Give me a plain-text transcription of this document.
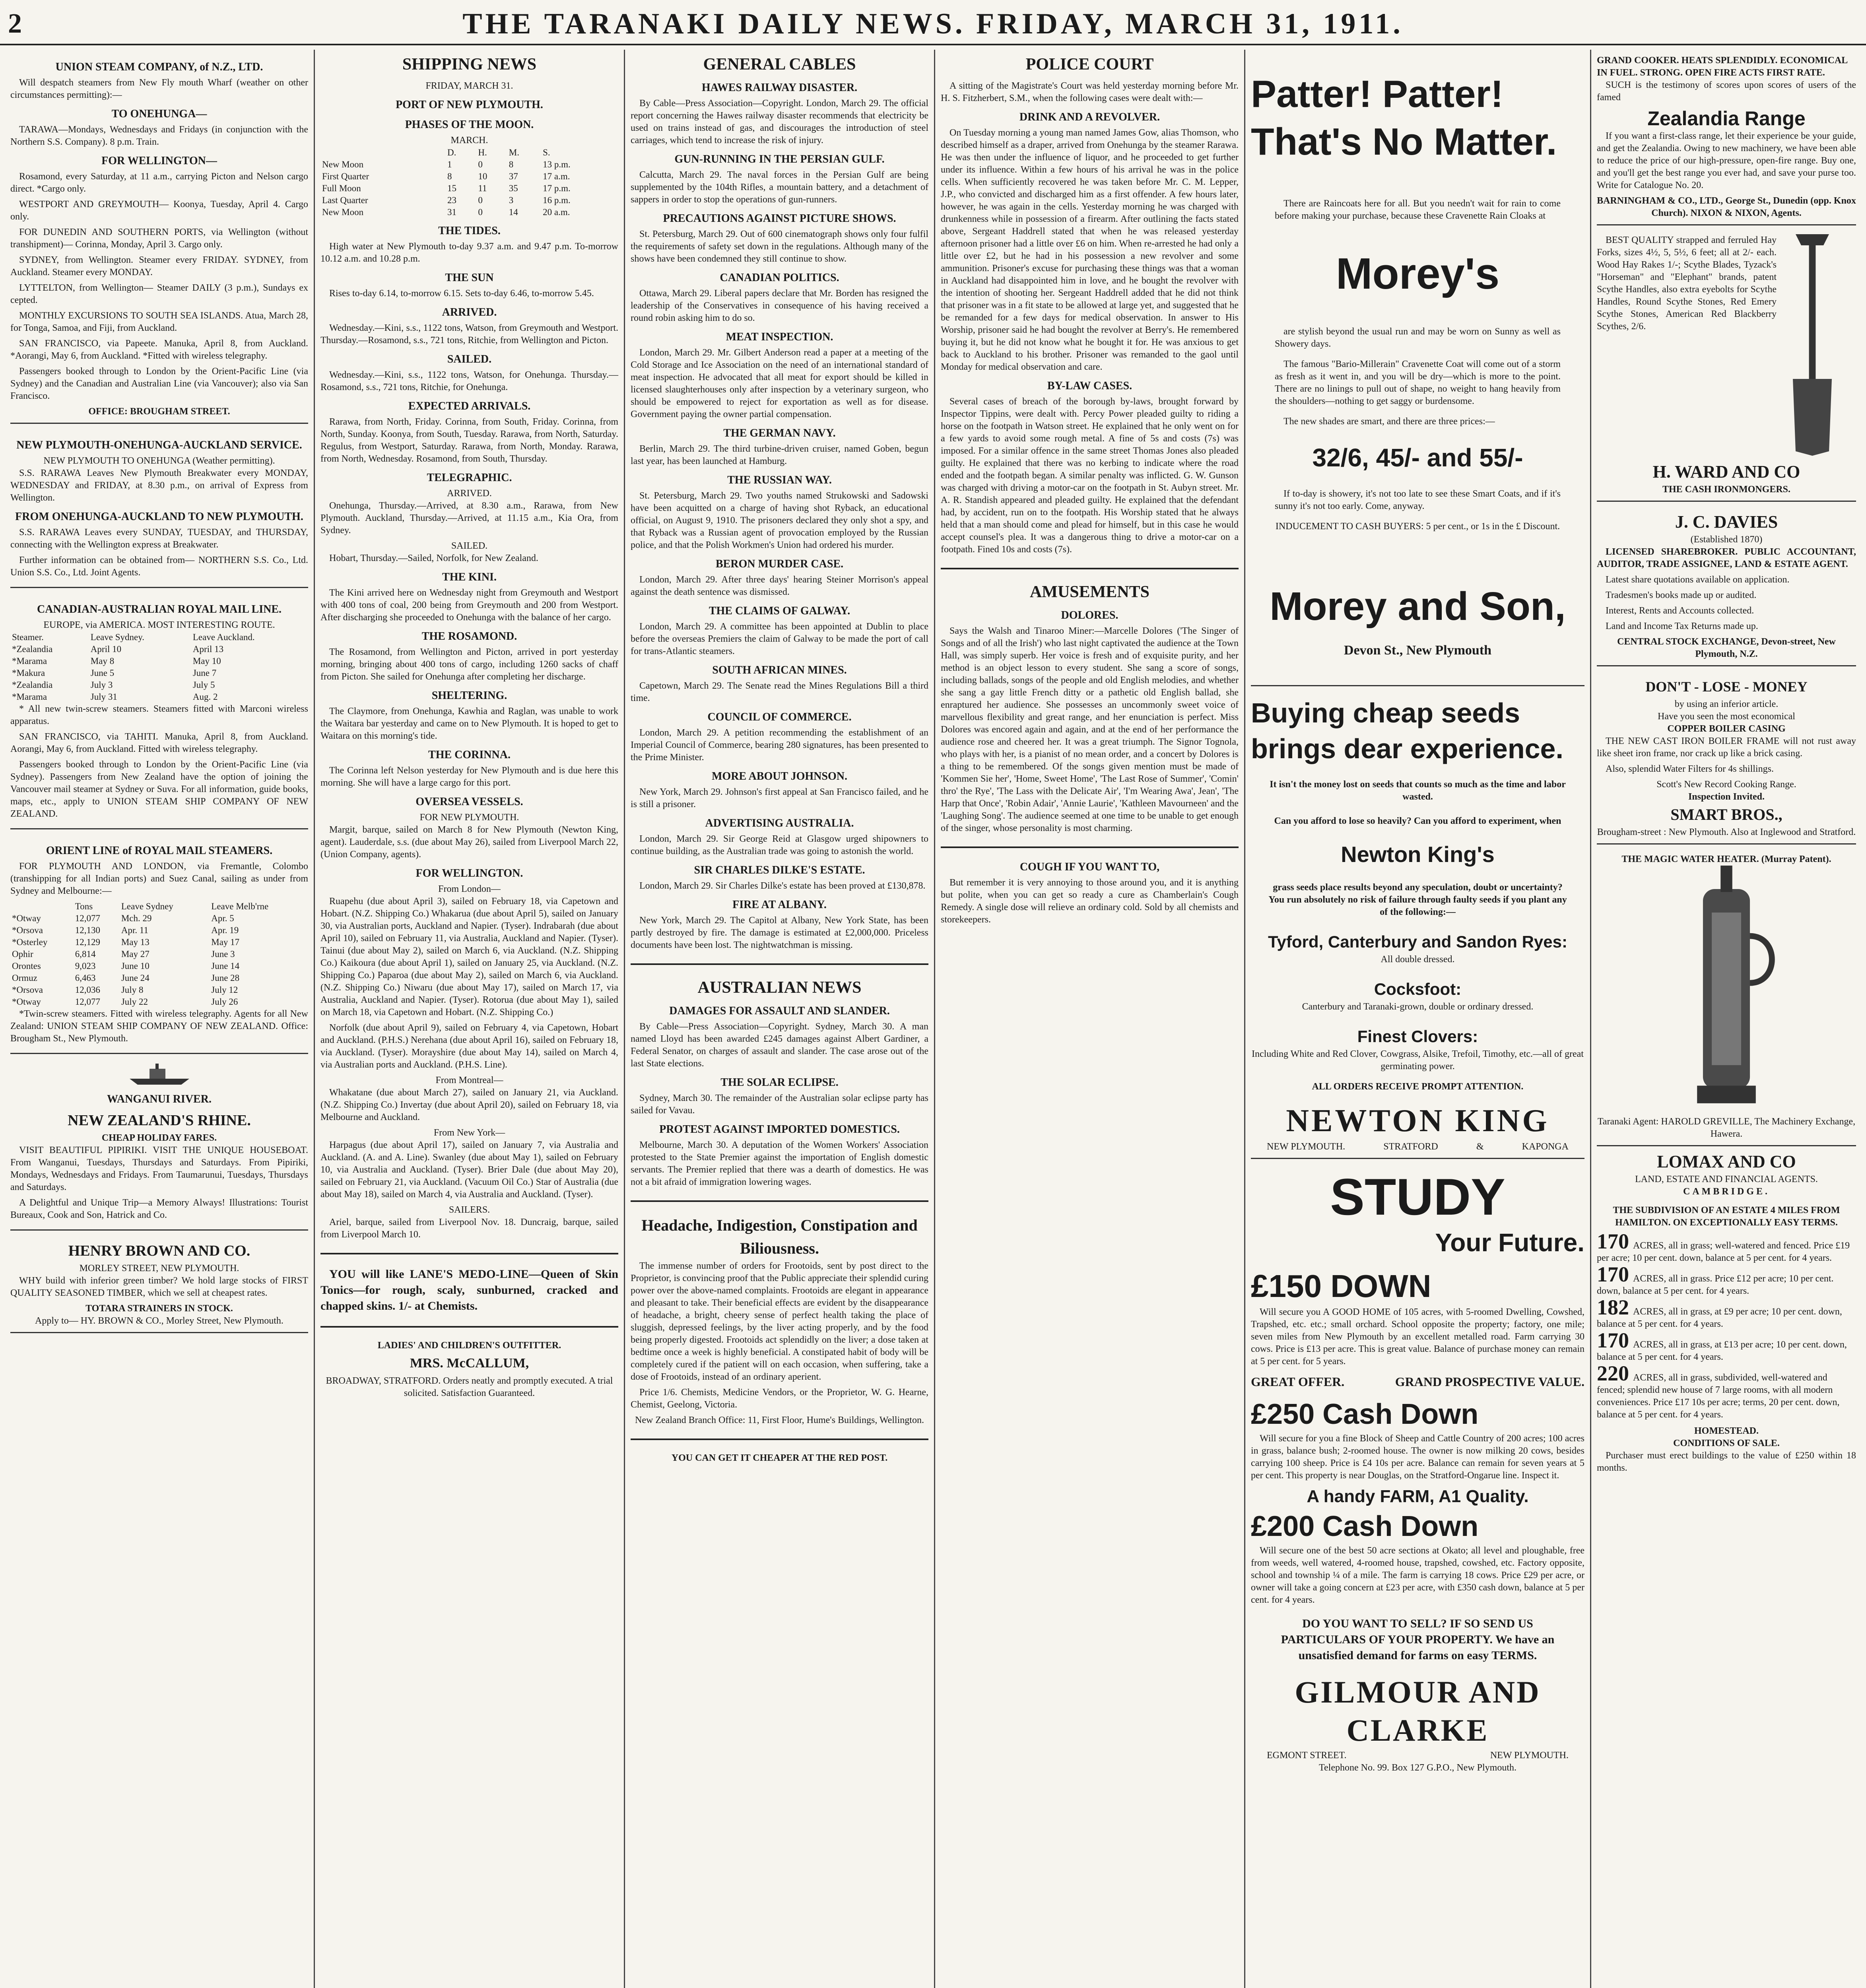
2	THE TARANAKI DAILY NEWS. FRIDAY, MARCH 31, 1911.
UNION STEAM COMPANY, of N.Z., LTD.
Will despatch steamers from New Fly mouth Wharf (weather on other circumstances permitting):—
TO ONEHUNGA—
TARAWA—Mondays, Wednesdays and Fridays (in conjunction with the Northern S.S. Company). 8 p.m. Train.
FOR WELLINGTON—
Rosamond, every Saturday, at 11 a.m., carrying Picton and Nelson cargo direct. *Cargo only.
WESTPORT AND GREYMOUTH— Koonya, Tuesday, April 4. Cargo only.
FOR DUNEDIN AND SOUTHERN PORTS, via Wellington (without transhipment)— Corinna, Monday, April 3. Cargo only.
SYDNEY, from Wellington. Steamer every FRIDAY. SYDNEY, from Auckland. Steamer every MONDAY.
LYTTELTON, from Wellington— Steamer DAILY (3 p.m.), Sundays ex cepted.
MONTHLY EXCURSIONS TO SOUTH SEA ISLANDS. Atua, March 28, for Tonga, Samoa, and Fiji, from Auckland.
SAN FRANCISCO, via Papeete. Manuka, April 8, from Auckland. *Aorangi, May 6, from Auckland. *Fitted with wireless telegraphy.
Passengers booked through to London by the Orient-Pacific Line (via Sydney) and the Canadian and Australian Line (via Vancouver); also via San Francisco.
OFFICE: BROUGHAM STREET.
NEW PLYMOUTH-ONEHUNGA-AUCKLAND SERVICE.
NEW PLYMOUTH TO ONEHUNGA (Weather permitting).
S.S. RARAWA Leaves New Plymouth Breakwater every MONDAY, WEDNESDAY and FRIDAY, at 8.30 p.m., on arrival of Express from Wellington.
FROM ONEHUNGA-AUCKLAND TO NEW PLYMOUTH.
S.S. RARAWA Leaves every SUNDAY, TUESDAY, and THURSDAY, connecting with the Wellington express at Breakwater.
Further information can be obtained from— NORTHERN S.S. Co., Ltd. Union S.S. Co., Ltd. Joint Agents.
CANADIAN-AUSTRALIAN ROYAL MAIL LINE.
EUROPE, via AMERICA. MOST INTERESTING ROUTE.
Steamer.	Leave Sydney.	Leave Auckland.
*Zealandia	April 10	April 13
*Marama	May 8	May 10
*Makura	June 5	June 7
*Zealandia	July 3	July 5
*Marama	July 31	Aug. 2
* All new twin-screw steamers. Steamers fitted with Marconi wireless apparatus.
SAN FRANCISCO, via TAHITI. Manuka, April 8, from Auckland. Aorangi, May 6, from Auckland. Fitted with wireless telegraphy.
Passengers booked through to London by the Orient-Pacific Line (via Sydney). Passengers from New Zealand have the option of joining the Vancouver mail steamer at Sydney or Suva. For all information, guide books, maps, etc., apply to UNION STEAM SHIP COMPANY OF NEW ZEALAND.
ORIENT LINE of ROYAL MAIL STEAMERS.
FOR PLYMOUTH AND LONDON, via Fremantle, Colombo (transhipping for all Indian ports) and Suez Canal, sailing as under from Sydney and Melbourne:—
	Tons	Leave Sydney	Leave Melb'rne
*Otway	12,077	Mch. 29	Apr. 5
*Orsova	12,130	Apr. 11	Apr. 19
*Osterley	12,129	May 13	May 17
Ophir	6,814	May 27	June 3
Orontes	9,023	June 10	June 14
Ormuz	6,463	June 24	June 28
*Orsova	12,036	July 8	July 12
*Otway	12,077	July 22	July 26
*Twin-screw steamers. Fitted with wireless telegraphy. Agents for all New Zealand: UNION STEAM SHIP COMPANY OF NEW ZEALAND. Office: Brougham St., New Plymouth.
WANGANUI RIVER.
NEW ZEALAND'S RHINE.
CHEAP HOLIDAY FARES.
VISIT BEAUTIFUL PIPIRIKI. VISIT THE UNIQUE HOUSEBOAT. From Wanganui, Tuesdays, Thursdays and Saturdays. From Pipiriki, Mondays, Wednesdays and Fridays. From Taumarunui, Tuesdays, Thursdays and Saturdays.
A Delightful and Unique Trip—a Memory Always! Illustrations: Tourist Bureaux, Cook and Son, Hatrick and Co.
HENRY BROWN AND CO.
MORLEY STREET, NEW PLYMOUTH.
WHY build with inferior green timber? We hold large stocks of FIRST QUALITY SEASONED TIMBER, which we sell at cheapest rates.
TOTARA STRAINERS IN STOCK.
Apply to— HY. BROWN & CO., Morley Street, New Plymouth.
SHIPPING NEWS
FRIDAY, MARCH 31.
PORT OF NEW PLYMOUTH.
PHASES OF THE MOON.
MARCH.
	D.	H.	M.	S.
New Moon	1	0	8	13 p.m.
First Quarter	8	10	37	17 a.m.
Full Moon	15	11	35	17 p.m.
Last Quarter	23	0	3	16 p.m.
New Moon	31	0	14	20 a.m.
THE TIDES.
High water at New Plymouth to-day 9.37 a.m. and 9.47 p.m. To-morrow 10.12 a.m. and 10.28 p.m.
THE SUN
Rises to-day 6.14, to-morrow 6.15. Sets to-day 6.46, to-morrow 5.45.
ARRIVED.
Wednesday.—Kini, s.s., 1122 tons, Watson, from Greymouth and Westport. Thursday.—Rosamond, s.s., 721 tons, Ritchie, from Wellington and Picton.
SAILED.
Wednesday.—Kini, s.s., 1122 tons, Watson, for Onehunga. Thursday.—Rosamond, s.s., 721 tons, Ritchie, for Onehunga.
EXPECTED ARRIVALS.
Rarawa, from North, Friday. Corinna, from South, Friday. Corinna, from North, Sunday. Koonya, from South, Tuesday. Rarawa, from North, Saturday. Regulus, from Westport, Saturday. Rarawa, from North, Monday. Rarawa, from North, Wednesday. Rosamond, from South, Thursday.
TELEGRAPHIC.
ARRIVED.
Onehunga, Thursday.—Arrived, at 8.30 a.m., Rarawa, from New Plymouth. Auckland, Thursday.—Arrived, at 11.15 a.m., Kia Ora, from Sydney.
SAILED.
Hobart, Thursday.—Sailed, Norfolk, for New Zealand.
THE KINI.
The Kini arrived here on Wednesday night from Greymouth and Westport with 400 tons of coal, 200 being from Greymouth and 200 from Westport. After discharging she proceeded to Onehunga with the balance of her cargo.
THE ROSAMOND.
The Rosamond, from Wellington and Picton, arrived in port yesterday morning, bringing about 400 tons of cargo, including 1260 sacks of chaff from Picton. She sailed for Onehunga after completing her discharge.
SHELTERING.
The Claymore, from Onehunga, Kawhia and Raglan, was unable to work the Waitara bar yesterday and came on to New Plymouth. It is hoped to get to Waitara on this morning's tide.
THE CORINNA.
The Corinna left Nelson yesterday for New Plymouth and is due here this morning. She will have a large cargo for this port.
OVERSEA VESSELS.
FOR NEW PLYMOUTH.
Margit, barque, sailed on March 8 for New Plymouth (Newton King, agent). Lauderdale, s.s. (due about May 26), sailed from Liverpool March 22, (Union Company, agents).
FOR WELLINGTON.
From London—
Ruapehu (due about April 3), sailed on February 18, via Capetown and Hobart. (N.Z. Shipping Co.) Whakarua (due about April 5), sailed on January 30, via Australian ports, Auckland and Napier. (Tyser). Indrabarah (due about April 10), sailed on February 11, via Australia, Auckland and Napier. (Tyser). Tainui (due about May 2), sailed on March 6, via Auckland. (N.Z. Shipping Co.) Kaikoura (due about April 1), sailed on January 25, via Auckland. (N.Z. Shipping Co.) Paparoa (due about May 2), sailed on March 6, via Auckland. (N.Z. Shipping Co.) Niwaru (due about May 17), sailed on March 17, via Australia, Auckland and Napier. (Tyser). Rotorua (due about May 1), sailed on March 18, via Capetown and Hobart. (N.Z. Shipping Co.)
Norfolk (due about April 9), sailed on February 4, via Capetown, Hobart and Auckland. (P.H.S.) Nerehana (due about April 16), sailed on February 18, via Auckland. (Tyser). Morayshire (due about May 14), sailed on March 4, via Australian ports and Auckland. (P.H.S. Line).
From Montreal—
Whakatane (due about March 27), sailed on January 21, via Auckland. (N.Z. Shipping Co.) Invertay (due about April 20), sailed on February 18, via Melbourne and Auckland.
From New York—
Harpagus (due about April 17), sailed on January 7, via Australia and Auckland. (A. and A. Line). Swanley (due about May 1), sailed on February 10, via Australia and Auckland. (Tyser). Brier Dale (due about May 20), sailed on February 21, via Auckland. (Vacuum Oil Co.) Star of Australia (due about May 18), sailed on March 4, via Australia and Auckland. (Tyser).
SAILERS.
Ariel, barque, sailed from Liverpool Nov. 18. Duncraig, barque, sailed from Liverpool March 10.
YOU will like LANE'S MEDO-LINE—Queen of Skin Tonics—for rough, scaly, sunburned, cracked and chapped skins. 1/- at Chemists.
LADIES' AND CHILDREN'S OUTFITTER.
MRS. McCALLUM,
BROADWAY, STRATFORD. Orders neatly and promptly executed. A trial solicited. Satisfaction Guaranteed.
GENERAL CABLES
HAWES RAILWAY DISASTER.
By Cable—Press Association—Copyright. London, March 29. The official report concerning the Hawes railway disaster recommends that electricity be used on trains instead of gas, and discourages the introduction of steel carriages, which tend to increase the risk of injury.
GUN-RUNNING IN THE PERSIAN GULF.
Calcutta, March 29. The naval forces in the Persian Gulf are being supplemented by the 104th Rifles, a mountain battery, and a detachment of sappers in order to stop the operations of gun-runners.
PRECAUTIONS AGAINST PICTURE SHOWS.
St. Petersburg, March 29. Out of 600 cinematograph shows only four fulfil the requirements of safety set down in the regulations. Although many of the shows have been condemned they still continue to show.
CANADIAN POLITICS.
Ottawa, March 29. Liberal papers declare that Mr. Borden has resigned the leadership of the Conservatives in consequence of his having received a round robin asking him to do so.
MEAT INSPECTION.
London, March 29. Mr. Gilbert Anderson read a paper at a meeting of the Cold Storage and Ice Association on the need of an international standard of meat inspection. He advocated that all meat for export should be killed in licensed slaughterhouses only after inspection by a veterinary surgeon, who should be empowered to reject for exportation as well as for disease. Government paying the owner partial compensation.
THE GERMAN NAVY.
Berlin, March 29. The third turbine-driven cruiser, named Goben, begun last year, has been launched at Hamburg.
THE RUSSIAN WAY.
St. Petersburg, March 29. Two youths named Strukowski and Sadowski have been acquitted on a charge of having shot Ryback, an educational official, on August 9, 1910. The prisoners declared they only shot a spy, and that Ryback was a Russian agent of provocation employed by the Russian police, and that the Polish Workmen's Union had ordered his murder.
BERON MURDER CASE.
London, March 29. After three days' hearing Steiner Morrison's appeal against the death sentence was dismissed.
THE CLAIMS OF GALWAY.
London, March 29. A committee has been appointed at Dublin to place before the overseas Premiers the claim of Galway to be made the port of call for trans-Atlantic steamers.
SOUTH AFRICAN MINES.
Capetown, March 29. The Senate read the Mines Regulations Bill a third time.
COUNCIL OF COMMERCE.
London, March 29. A petition recommending the establishment of an Imperial Council of Commerce, bearing 280 signatures, has been presented to the Prime Minister.
MORE ABOUT JOHNSON.
New York, March 29. Johnson's first appeal at San Francisco failed, and he is still a prisoner.
ADVERTISING AUSTRALIA.
London, March 29. Sir George Reid at Glasgow urged shipowners to continue building, as the Australian trade was going to astonish the world.
SIR CHARLES DILKE'S ESTATE.
London, March 29. Sir Charles Dilke's estate has been proved at £130,878.
FIRE AT ALBANY.
New York, March 29. The Capitol at Albany, New York State, has been partly destroyed by fire. The damage is estimated at £2,000,000. Priceless documents have been lost. The nightwatchman is missing.
AUSTRALIAN NEWS
DAMAGES FOR ASSAULT AND SLANDER.
By Cable—Press Association—Copyright. Sydney, March 30. A man named Lloyd has been awarded £245 damages against Albert Gardiner, a Federal Senator, on charges of assault and slander. The case arose out of the last State elections.
THE SOLAR ECLIPSE.
Sydney, March 30. The remainder of the Australian solar eclipse party has sailed for Vavau.
PROTEST AGAINST IMPORTED DOMESTICS.
Melbourne, March 30. A deputation of the Women Workers' Association protested to the State Premier against the importation of English domestic servants. The Premier replied that there was a dearth of domestics. He was not a bit afraid of immigration lowering wages.
Headache, Indigestion, Constipation and Biliousness.
The immense number of orders for Frootoids, sent by post direct to the Proprietor, is convincing proof that the Public appreciate their splendid curing power over the above-named complaints. Frootoids are elegant in appearance and pleasant to take. Their beneficial effects are evident by the disappearance of headache, a bright, cheery sense of perfect health taking the place of sluggish, depressed feelings, by the liver acting properly, and by the food being properly digested. Frootoids act splendidly on the liver; a dose taken at bedtime once a week is highly beneficial. A constipated habit of body will be completely cured if the patient will on each occasion, when suffering, take a dose of Frootoids, instead of an ordinary aperient.
Price 1/6. Chemists, Medicine Vendors, or the Proprietor, W. G. Hearne, Chemist, Geelong, Victoria.
New Zealand Branch Office: 11, First Floor, Hume's Buildings, Wellington.
YOU CAN GET IT CHEAPER AT THE RED POST.
POLICE COURT
A sitting of the Magistrate's Court was held yesterday morning before Mr. H. S. Fitzherbert, S.M., when the following cases were dealt with:—
DRINK AND A REVOLVER.
On Tuesday morning a young man named James Gow, alias Thomson, who described himself as a draper, arrived from Onehunga by the steamer Rarawa. He was then under the influence of liquor, and he proceeded to get further under its influence. Within a few hours of his arrival he was in the police cells. When sufficiently recovered he was taken before Mr. C. M. Lepper, J.P., who convicted and discharged him as a first offender. A few hours later, however, he was again in the cells. Yesterday morning he was charged with drunkenness while in possession of a firearm. After outlining the facts stated above, Sergeant Haddrell stated that when he was released yesterday afternoon prisoner had a little over £6 on him. When re-arrested he had only a little over £2, but he had in his possession a new revolver and some ammunition. Prisoner's excuse for purchasing these things was that a woman in Auckland had disappointed him in love, and he bought the revolver with the intention of shooting her. Sergeant Haddrell added that he did not think that prisoner was in a fit state to be allowed at large yet, and suggested that he be remanded for a few days for medical observation. In answer to His Worship, prisoner said he had bought the revolver at Berry's. He remembered buying it, but he did not know what he bought it for. He was anxious to get back to Auckland to his brother. Prisoner was remanded to the gaol until Monday for medical observation and care.
BY-LAW CASES.
Several cases of breach of the borough by-laws, brought forward by Inspector Tippins, were dealt with. Percy Power pleaded guilty to riding a horse on the footpath in Watson street. He explained that he only went on for a few yards to avoid some rough metal. A fine of 5s and costs (7s) was imposed. For a similar offence in the same street Thomas Jones also pleaded guilty. He explained that there was no kerbing to indicate where the road ended and the footpath began. A similar penalty was inflicted. G. W. Gunson was charged with driving a motor-car on the footpath in St. Aubyn street. Mr. A. R. Standish appeared and pleaded guilty. He explained that the defendant had, by accident, run on to the footpath. His Worship stated that he always held that a man should come and plead for himself, but in this case he would accept counsel's plea. It was a dangerous thing to drive a motor-car on a footpath. Fined 10s and costs (7s).
AMUSEMENTS
DOLORES.
Says the Walsh and Tinaroo Miner:—Marcelle Dolores ('The Singer of Songs and of all the Irish') who last night captivated the audience at the Town Hall, was simply superb. Her voice is fresh and of exquisite purity, and her method is an object lesson to every student. She sang a score of songs, including ballads, songs of the people and old English melodies, and whether she sang a gay little French ditty or a pathetic old English ballad, she enraptured her audience. She possesses an uncommonly sweet voice of marvellous flexibility and great range, and her enunciation is perfect. Miss Dolores was encored again and again, and at the end of her performance the audience rose and cheered her. It was a great triumph. The Signor Tognola, who plays with her, is a pianist of no mean order, and a concert by Dolores is a thing to be remembered. Of the songs given mention must be made of 'Kommen Sie her', 'Home, Sweet Home', 'The Last Rose of Summer', 'Comin' thro' the Rye', 'The Lass with the Delicate Air', 'I'm Wearing Awa', Jean', 'The Harp that Once', 'Robin Adair', 'Annie Laurie', 'Kathleen Mavourneen' and the 'Laughing Song'. The audience seemed at one time to be unable to get enough of the singer, whose personality is most charming.
COUGH IF YOU WANT TO,
But remember it is very annoying to those around you, and it is anything but polite, when you can get so ready a cure as Chamberlain's Cough Remedy. A single dose will relieve an ordinary cold. Sold by all chemists and storekeepers.
Patter! Patter!
That's No Matter.
There are Raincoats here for all. But you needn't wait for rain to come before making your purchase, because these Cravenette Rain Cloaks at
Morey's
are stylish beyond the usual run and may be worn on Sunny as well as Showery days.
The famous "Bario-Millerain" Cravenette Coat will come out of a storm as fresh as it went in, and you will be dry—which is more to the point. There are no linings to pull out of shape, no weight to hang heavily from the shoulders—nothing to get saggy or burdensome.
The new shades are smart, and there are three prices:—
32/6, 45/- and 55/-
If to-day is showery, it's not too late to see these Smart Coats, and if it's sunny it's not too early. Come, anyway.
INDUCEMENT TO CASH BUYERS: 5 per cent., or 1s in the £ Discount.
Morey and Son,
Devon St., New Plymouth
Buying cheap seeds
brings dear experience.
It isn't the money lost on seeds that counts so much as the time and labor wasted.
Can you afford to lose so heavily? Can you afford to experiment, when
Newton King's
grass seeds place results beyond any speculation, doubt or uncertainty? You run absolutely no risk of failure through faulty seeds if you plant any of the following:—
Tyford, Canterbury and Sandon Ryes:
All double dressed.
Cocksfoot:
Canterbury and Taranaki-grown, double or ordinary dressed.
Finest Clovers:
Including White and Red Clover, Cowgrass, Alsike, Trefoil, Timothy, etc.—all of great germinating power.
ALL ORDERS RECEIVE PROMPT ATTENTION.
NEWTON KING
NEW PLYMOUTH.	STRATFORD	&	KAPONGA
STUDY
Your Future.
£150 DOWN
Will secure you A GOOD HOME of 105 acres, with 5-roomed Dwelling, Cowshed, Trapshed, etc. etc.; small orchard. School opposite the property; factory, one mile; seven miles from New Plymouth by an excellent metalled road. Farm carrying 30 cows. Price is £13 per acre. This is great value. Balance of purchase money can remain at 5 per cent. for 5 years.
GREAT OFFER.	GRAND PROSPECTIVE VALUE.
£250 Cash Down
Will secure for you a fine Block of Sheep and Cattle Country of 200 acres; 100 acres in grass, balance bush; 2-roomed house. The owner is now milking 20 cows, besides carrying 100 sheep. Price is £4 10s per acre. Balance can remain for seven years at 5 per cent. This property is near Douglas, on the Stratford-Ongarue line. Inspect it.
A handy FARM, A1 Quality.
£200 Cash Down
Will secure one of the best 50 acre sections at Okato; all level and ploughable, free from weeds, well watered, 4-roomed house, trapshed, cowshed, etc. Factory opposite, school and township ¼ of a mile. The farm is carrying 18 cows. Price £29 per acre, or owner will take a going concern at £23 per acre, with £350 cash down, balance at 5 per cent. for 4 years.
DO YOU WANT TO SELL? IF SO SEND US PARTICULARS OF YOUR PROPERTY. We have an unsatisfied demand for farms on easy TERMS.
GILMOUR AND CLARKE
EGMONT STREET.	NEW PLYMOUTH.
Telephone No. 99. Box 127 G.P.O., New Plymouth.
GRAND COOKER. HEATS SPLENDIDLY. ECONOMICAL IN FUEL. STRONG. OPEN FIRE ACTS FIRST RATE.
SUCH is the testimony of scores upon scores of users of the famed
Zealandia Range
If you want a first-class range, let their experience be your guide, and get the Zealandia. Owing to new machinery, we have been able to reduce the price of our high-pressure, open-fire range. Buy one, and you'll get the best range you ever had, and save your purse too. Write for Catalogue No. 20.
BARNINGHAM & CO., LTD., George St., Dunedin (opp. Knox Church). NIXON & NIXON, Agents.
BEST QUALITY strapped and ferruled Hay Forks, sizes 4½, 5, 5½, 6 feet; all at 2/- each. Wood Hay Rakes 1/-; Scythe Blades, Tyzack's "Horseman" and "Elephant" brands, patent Scythe Handles, also extra eyebolts for Scythe Handles, Round Scythe Stones, Red Emery Scythe Stones, American Red Blackberry Scythes, 2/6.
H. WARD AND CO
THE CASH IRONMONGERS.
J. C. DAVIES
(Established 1870)
LICENSED SHAREBROKER. PUBLIC ACCOUNTANT, AUDITOR, TRADE ASSIGNEE, LAND & ESTATE AGENT.
Latest share quotations available on application.
Tradesmen's books made up or audited.
Interest, Rents and Accounts collected.
Land and Income Tax Returns made up.
CENTRAL STOCK EXCHANGE, Devon-street, New Plymouth, N.Z.
DON'T - LOSE - MONEY
by using an inferior article.
Have you seen the most economical
COPPER BOILER CASING
THE NEW CAST IRON BOILER FRAME will not rust away like sheet iron frame, nor crack up like a brick casing.
Also, splendid Water Filters for 4s shillings.
Scott's New Record Cooking Range.
Inspection Invited.
SMART BROS.,
Brougham-street : New Plymouth. Also at Inglewood and Stratford.
THE MAGIC WATER HEATER. (Murray Patent).
Taranaki Agent: HAROLD GREVILLE, The Machinery Exchange, Hawera.
LOMAX AND CO
LAND, ESTATE AND FINANCIAL AGENTS.
CAMBRIDGE.
THE SUBDIVISION OF AN ESTATE 4 MILES FROM HAMILTON. ON EXCEPTIONALLY EASY TERMS.
170 ACRES, all in grass; well-watered and fenced. Price £19 per acre; 10 per cent. down, balance at 5 per cent. for 4 years.
170 ACRES, all in grass. Price £12 per acre; 10 per cent. down, balance at 5 per cent. for 4 years.
182 ACRES, all in grass, at £9 per acre; 10 per cent. down, balance at 5 per cent. for 4 years.
170 ACRES, all in grass, at £13 per acre; 10 per cent. down, balance at 5 per cent. for 4 years.
220 ACRES, all in grass, subdivided, well-watered and fenced; splendid new house of 7 large rooms, with all modern conveniences. Price £17 10s per acre; terms, 20 per cent. down, balance at 5 per cent. for 4 years.
HOMESTEAD.
CONDITIONS OF SALE.
Purchaser must erect buildings to the value of £250 within 18 months.
